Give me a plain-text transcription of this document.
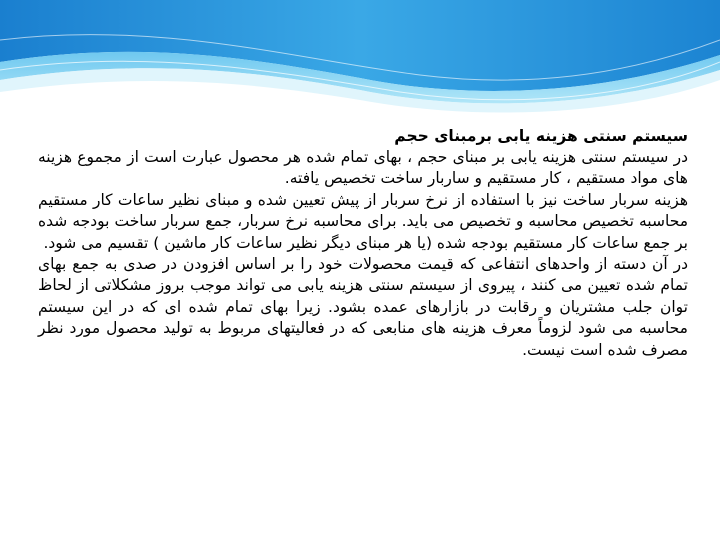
سیستم سنتی هزینه یابی برمبنای حجم

در سیستم سنتی هزینه یابی بر مبنای حجم ، بهای تمام شده هر محصول عبارت است از مجموع هزینه های مواد مستقیم ، کار مستقیم و ساربار ساخت تخصیص یافته.

هزینه سربار ساخت نیز با استفاده از نرخ سربار از پیش تعیین شده و مبنای نظیر ساعات کار مستقیم محاسبه تخصیص محاسبه و تخصیص می باید. برای محاسبه نرخ سربار، جمع سربار ساخت بودجه شده بر جمع ساعات کار مستقیم بودجه شده (یا هر مبنای دیگر نظیر ساعات کار ماشین ) تقسیم می شود.

در آن دسته از واحدهای انتفاعی که قیمت محصولات خود را بر اساس افزودن در صدی به جمع بهای تمام شده تعیین می کنند ، پیروی از سیستم سنتی هزینه یابی می تواند موجب بروز مشکلاتی از لحاظ توان جلب مشتریان و رقابت در بازارهای عمده بشود. زیرا بهای تمام شده ای که در این سیستم محاسبه می شود لزوماً معرف هزینه های منابعی که در فعالیتهای مربوط به تولید محصول مورد نظر مصرف شده است نیست.
